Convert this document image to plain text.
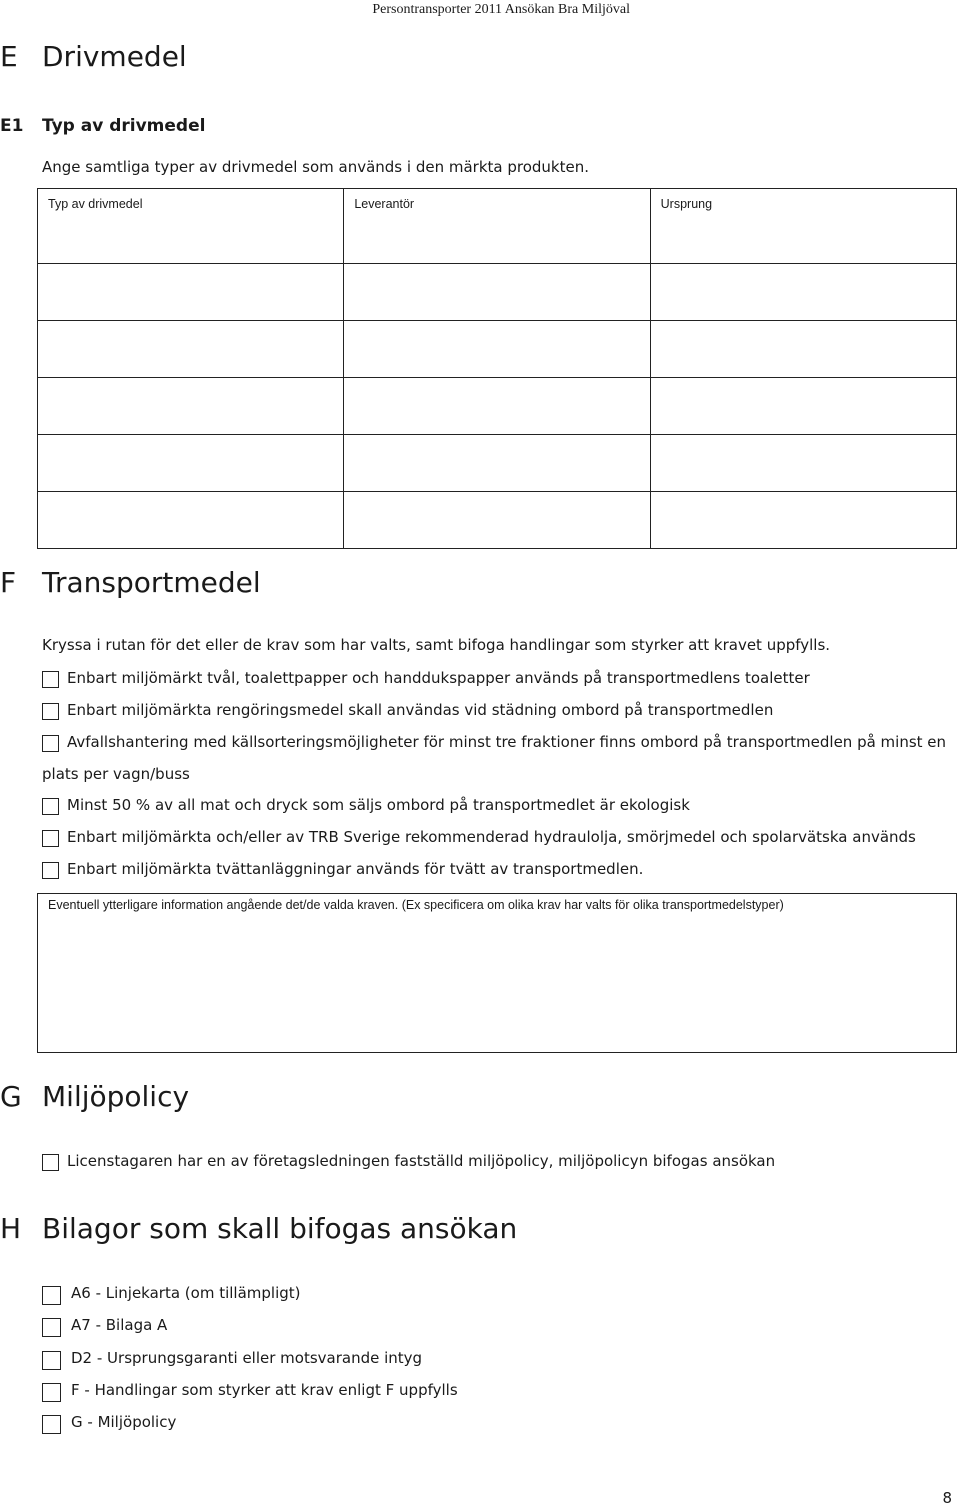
Persontransporter 2011 Ansökan Bra Miljöval
E Drivmedel
E1 Typ av drivmedel
Ange samtliga typer av drivmedel som används i den märkta produkten.
Typ av drivmedel	Leverantör	Ursprung

F Transportmedel
Kryssa i rutan för det eller de krav som har valts, samt bifoga handlingar som styrker att kravet uppfylls.
Enbart miljömärkt tvål, toalettpapper och handdukspapper används på transportmedlens toaletter
Enbart miljömärkta rengöringsmedel skall användas vid städning ombord på transportmedlen
Avfallshantering med källsorteringsmöjligheter för minst tre fraktioner finns ombord på transportmedlen på minst en
plats per vagn/buss
Minst 50 % av all mat och dryck som säljs ombord på transportmedlet är ekologisk
Enbart miljömärkta och/eller av TRB Sverige rekommenderad hydraulolja, smörjmedel och spolarvätska används
Enbart miljömärkta tvättanläggningar används för tvätt av transportmedlen.
Eventuell ytterligare information angående det/de valda kraven. (Ex specificera om olika krav har valts för olika transportmedelstyper)
G Miljöpolicy
Licenstagaren har en av företagsledningen fastställd miljöpolicy, miljöpolicyn bifogas ansökan
H Bilagor som skall bifogas ansökan
A6 - Linjekarta (om tillämpligt)
A7 - Bilaga A
D2 - Ursprungsgaranti eller motsvarande intyg
F - Handlingar som styrker att krav enligt F uppfylls
G - Miljöpolicy
8
